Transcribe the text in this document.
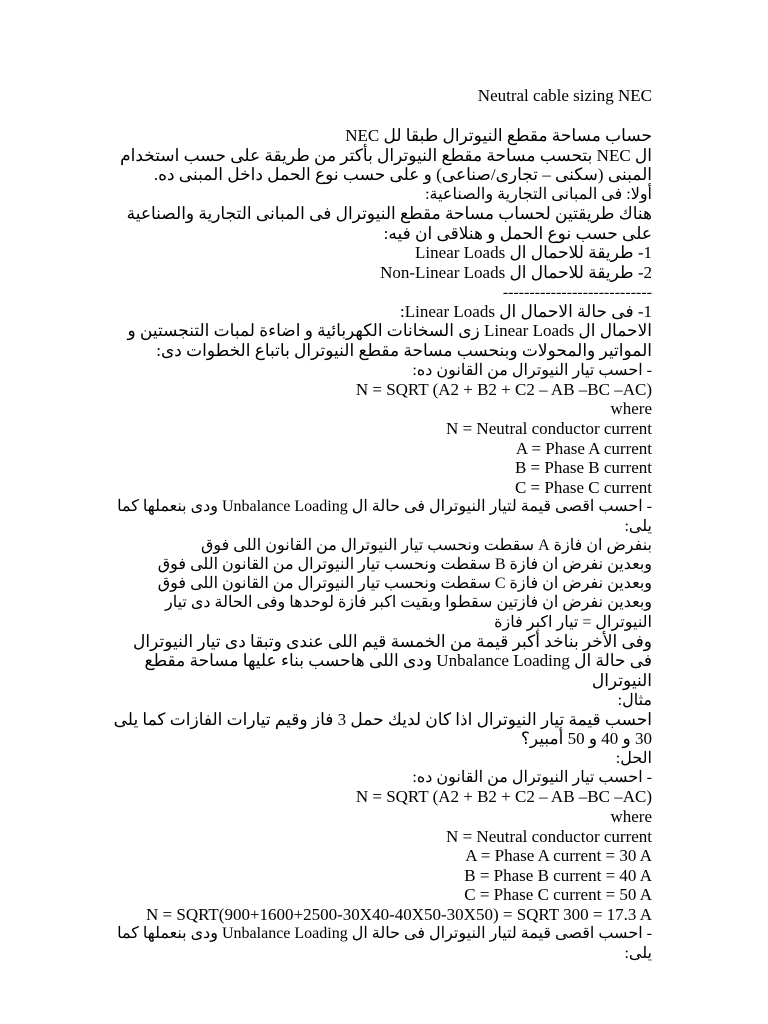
Neutral cable sizing NEC
حساب مساحة مقطع النيوترال طبقا لل NEC
ال NEC بتحسب مساحة مقطع النيوترال بأكتر من طريقة على حسب استخدام المبنى (سكنى – تجارى/صناعى) و على حسب نوع الحمل داخل المبنى ده.
أولا: فى المبانى التجارية والصناعية:
هناك طريقتين لحساب مساحة مقطع النيوترال فى المبانى التجارية والصناعية على حسب نوع الحمل و هنلاقى ان فيه:
1- طريقة للاحمال ال Linear Loads
2- طريقة للاحمال ال Non-Linear Loads
----------------------------
1- فى حالة الاحمال ال Linear Loads:
الاحمال ال Linear Loads زى السخانات الكهربائية و اضاءة لمبات التنجستين و المواتير والمحولات وبنحسب مساحة مقطع النيوترال باتباع الخطوات دى:
- احسب تيار النيوترال من القانون ده:
N = SQRT (A2 + B2 + C2 – AB –BC –AC)
where
N = Neutral conductor current
A = Phase A current
B = Phase B current
C = Phase C current
- احسب اقصى قيمة لتيار النيوترال فى حالة ال Unbalance Loading ودى بنعملها كما يلى:
بنفرض ان فازة A سقطت ونحسب تيار النيوترال من القانون اللى فوق
وبعدين نفرض ان فازة B سقطت ونحسب تيار النيوترال من القانون اللى فوق
وبعدين نفرض ان فازة C سقطت ونحسب تيار النيوترال من القانون اللى فوق
وبعدين نفرض ان فازتين سقطوا وبقيت اكبر فازة لوحدها وفى الحالة دى تيار النيوترال = تيار اكبر فازة
وفى الأخر بناخد أكبر قيمة من الخمسة قيم اللى عندى وتبقا دى تيار النيوترال فى حالة ال Unbalance Loading ودى اللى هاحسب بناء عليها مساحة مقطع النيوترال
مثال:
احسب قيمة تيار النيوترال اذا كان لديك حمل 3 فاز وقيم تيارات الفازات كما يلى 30 و 40 و 50 أمبير؟
الحل:
- احسب تيار النيوترال من القانون ده:
N = SQRT (A2 + B2 + C2 – AB –BC –AC)
where
N = Neutral conductor current
A = Phase A current = 30 A
B = Phase B current = 40 A
C = Phase C current = 50 A
N = SQRT(900+1600+2500-30X40-40X50-30X50) = SQRT 300 = 17.3 A
- احسب اقصى قيمة لتيار النيوترال فى حالة ال Unbalance Loading ودى بنعملها كما يلى:
